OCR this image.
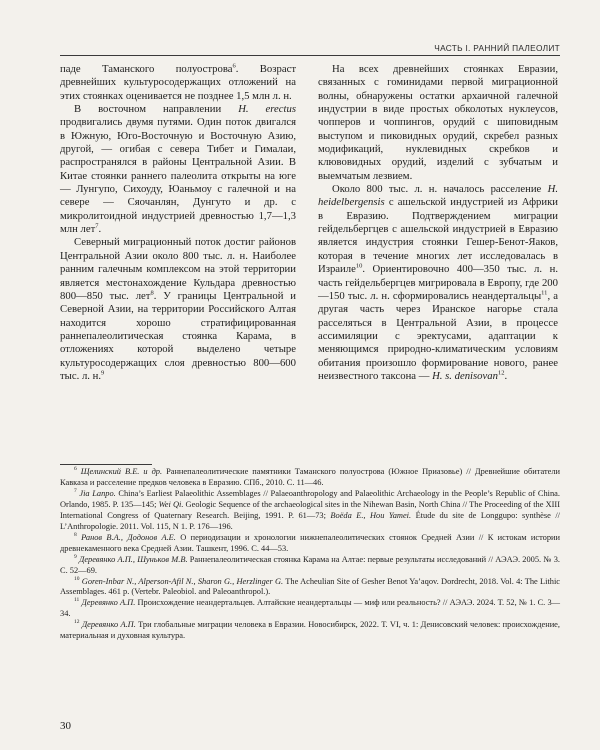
ЧАСТЬ I. РАННИЙ ПАЛЕОЛИТ

паде Таманского полуострова$^6$. Возраст древнейших культуросодержащих отложений на этих стоянках оценивается не позднее 1,5 млн л. н.

В восточном направлении H. erectus продвигались двумя путями. Один поток двигался в Южную, Юго-Восточную и Восточную Азию, другой, — огибая с севера Тибет и Гималаи, распространялся в районы Центральной Азии. В Китае стоянки раннего палеолита открыты на юге — Лунгупо, Сихоуду, Юаньмоу с галечной и на севере — Сяочанлян, Дунгуто и др. с микролитоидной индустрией древностью 1,7—1,3 млн лет$^7$.

Северный миграционный поток достиг районов Центральной Азии около 800 тыс. л. н. Наиболее ранним галечным комплексом на этой территории является местонахождение Кульдара древностью 800—850 тыс. лет$^8$. У границы Центральной и Северной Азии, на территории Российского Алтая находится хорошо стратифицированная раннепалеолитическая стоянка Карама, в отложениях которой выделено четыре культуросодержащих слоя древностью 800—600 тыс. л. н.$^9$

На всех древнейших стоянках Евразии, связанных с гоминидами первой миграционной волны, обнаружены остатки архаичной галечной индустрии в виде простых обколотых нуклеусов, чопперов и чоппингов, орудий с шиповидным выступом и пиковидных орудий, скребел разных модификаций, нуклевидных скребков и клювовидных орудий, изделий с зубчатым и выемчатым лезвием.

Около 800 тыс. л. н. началось расселение H. heidelbergensis с ашельской индустрией из Африки в Евразию. Подтверждением миграции гейдельбергцев с ашельской индустрией в Евразию является индустрия стоянки Гешер-Бенот-Яаков, которая в течение многих лет исследовалась в Израиле$^{10}$. Ориентировочно 400—350 тыс. л. н. часть гейдельбергцев мигрировала в Европу, где 200—150 тыс. л. н. сформировались неандертальцы$^{11}$, а другая часть через Иранское нагорье стала расселяться в Центральной Азии, в процессе ассимиляции с эректусами, адаптации к меняющимся природно-климатическим условиям обитания произошло формирование нового, ранее неизвестного таксона — H. s. denisovan$^{12}$.

$^6$ Щелинский В.Е. и др. Раннепалеолитические памятники Таманского полуострова (Южное Приазовье) // Древнейшие обитатели Кавказа и расселение предков человека в Евразию. СПб., 2010. С. 11—46.

$^7$ Jia Lanpo. China’s Earliest Palaeolithic Assemblages // Palaeoanthropology and Palaeolithic Archaeology in the People’s Republic of China. Orlando, 1985. P. 135—145; Wei Qi. Geologic Sequence of the archaeological sites in the Nihewan Basin, North China // The Proceeding of the XIII International Congress of Quaternary Research. Beijing, 1991. P. 61—73; Boëda E., Hou Yamei. Étude du site de Longgupo: synthèse // L’Anthropologie. 2011. Vol. 115, N 1. P. 176—196.

$^8$ Ранов В.А., Додонов А.Е. О периодизации и хронологии нижнепалеолитических стоянок Средней Азии // К истокам истории древнекаменного века Средней Азии. Ташкент, 1996. С. 44—53.

$^9$ Деревянко А.П., Шуньков М.В. Раннепалеолитическая стоянка Карама на Алтае: первые результаты исследований // АЭАЭ. 2005. № 3. С. 52—69.

$^{10}$ Goren-Inbar N., Alperson-Afil N., Sharon G., Herzlinger G. The Acheulian Site of Gesher Benot Ya’aqov. Dordrecht, 2018. Vol. 4: The Lithic Assemblages. 461 p. (Vertebr. Paleobiol. and Paleoanthropol.).

$^{11}$ Деревянко А.П. Происхождение неандертальцев. Алтайские неандертальцы — миф или реальность? // АЭАЭ. 2024. Т. 52, № 1. С. 3—34.

$^{12}$ Деревянко А.П. Три глобальные миграции человека в Евразии. Новосибирск, 2022. Т. VI, ч. 1: Денисовский человек: происхождение, материальная и духовная культура.

30
